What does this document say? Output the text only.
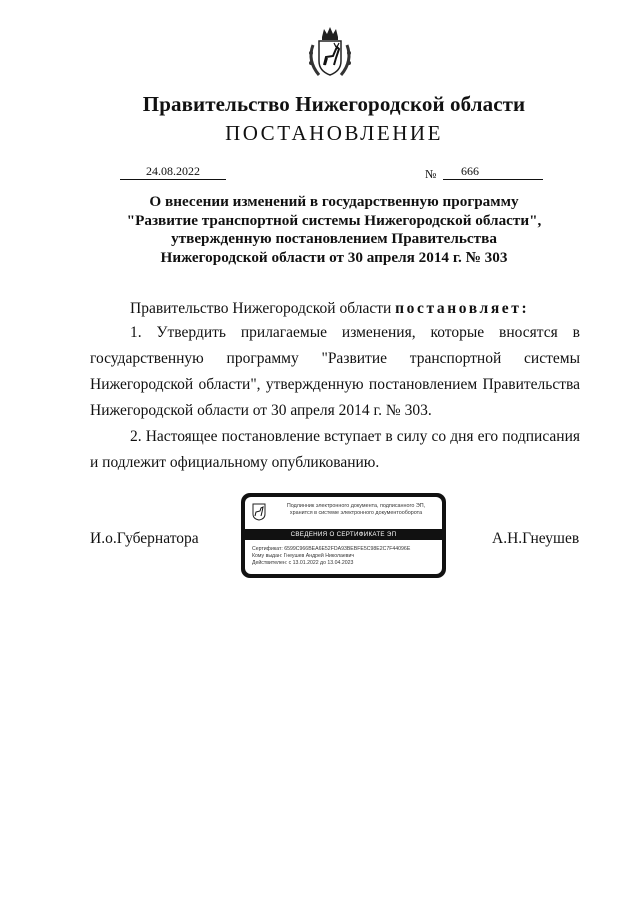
Правительство Нижегородской области
ПОСТАНОВЛЕНИЕ
24.08.2022	№	666
О внесении изменений в государственную программу
"Развитие транспортной системы Нижегородской области",
утвержденную постановлением Правительства
Нижегородской области от 30 апреля 2014 г. № 303
Правительство Нижегородской области постановляет:
1. Утвердить прилагаемые изменения, которые вносятся в государственную программу "Развитие транспортной системы Нижегородской области", утвержденную постановлением Правительства Нижегородской области от 30 апреля 2014 г. № 303.
2. Настоящее постановление вступает в силу со дня его подписания и подлежит официальному опубликованию.
И.о.Губернатора	А.Н.Гнеушев
Подлинник электронного документа, подписанного ЭП,
хранится в системе электронного документооборота
СВЕДЕНИЯ О СЕРТИФИКАТЕ ЭП
Сертификат: 6599C966BEA6E52FDA93BEBFE5C98E2C7F44096E
Кому выдан: Гнеушев Андрей Николаевич
Действителен: с 13.01.2022 до 13.04.2023
